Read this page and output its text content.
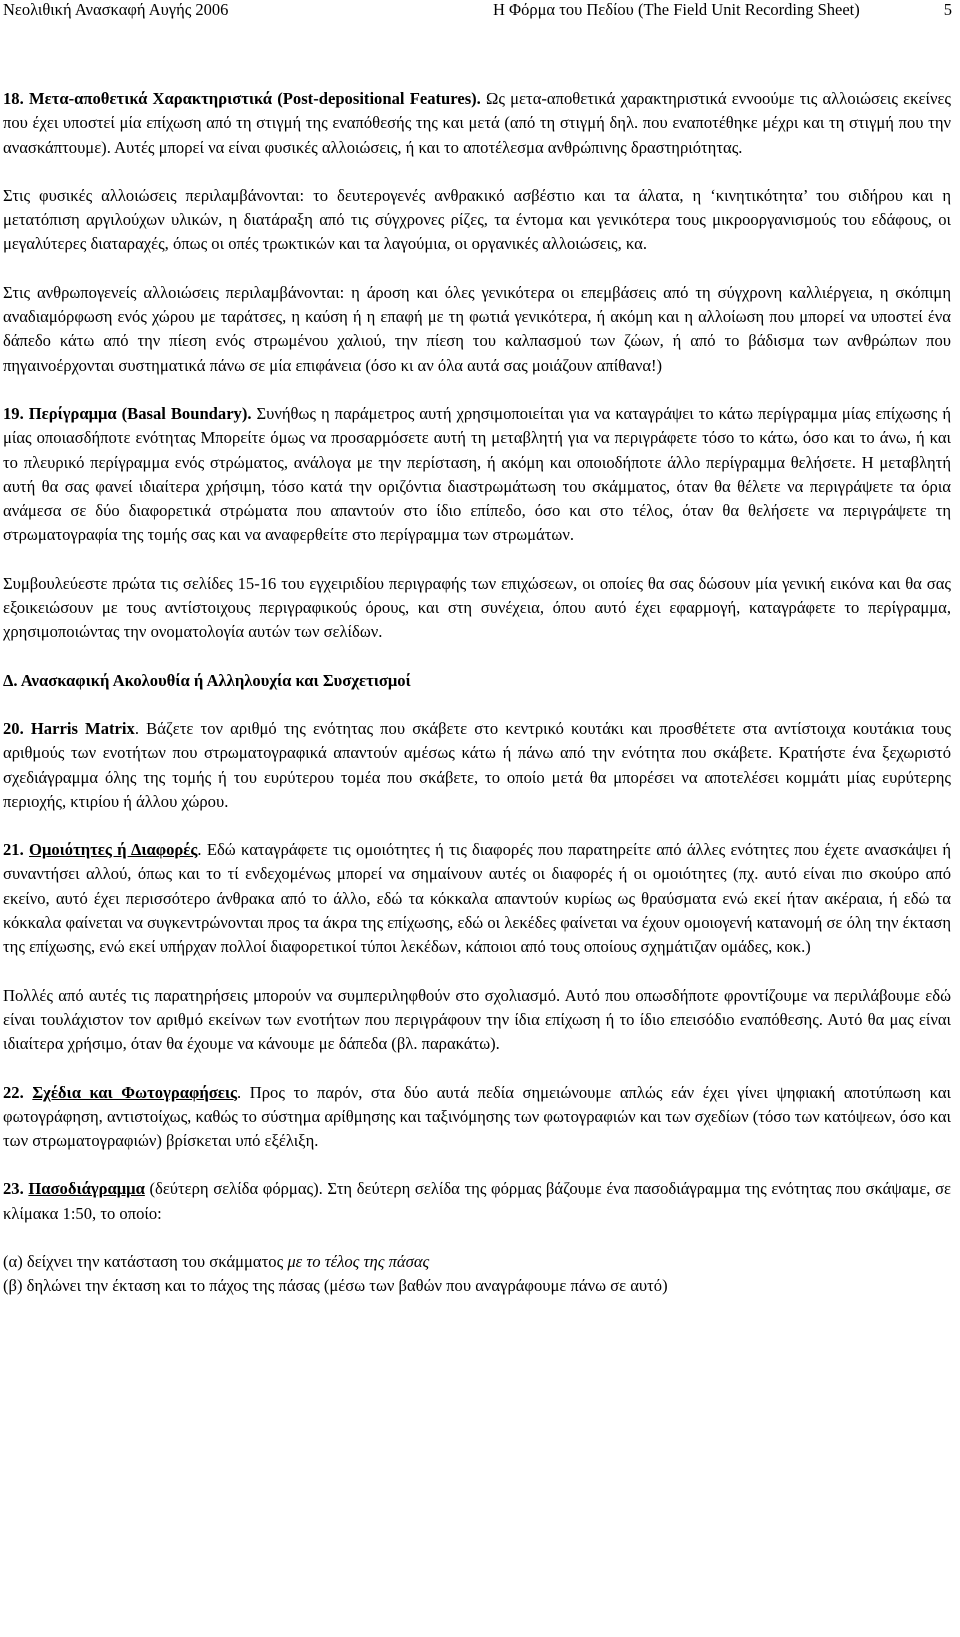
Νεολιθική Ανασκαφή Αυγής 2006	Η Φόρμα του Πεδίου (The Field Unit Recording Sheet)	5

18. Μετα-αποθετικά Χαρακτηριστικά (Post-depositional Features). Ως μετα-αποθετικά χαρακτηριστικά εννοούμε τις αλλοιώσεις εκείνες που έχει υποστεί μία επίχωση από τη στιγμή της εναπόθεσής της και μετά (από τη στιγμή δηλ. που εναποτέθηκε μέχρι και τη στιγμή που την ανασκάπτουμε). Αυτές μπορεί να είναι φυσικές αλλοιώσεις, ή και το αποτέλεσμα ανθρώπινης δραστηριότητας.

Στις φυσικές αλλοιώσεις περιλαμβάνονται: το δευτερογενές ανθρακικό ασβέστιο και τα άλατα, η ‘κινητικότητα’ του σιδήρου και η μετατόπιση αργιλούχων υλικών, η διατάραξη από τις σύγχρονες ρίζες, τα έντομα και γενικότερα τους μικροοργανισμούς του εδάφους, οι μεγαλύτερες διαταραχές, όπως οι οπές τρωκτικών και τα λαγούμια, οι οργανικές αλλοιώσεις, κα.

Στις ανθρωπογενείς αλλοιώσεις περιλαμβάνονται: η άροση και όλες γενικότερα οι επεμβάσεις από τη σύγχρονη καλλιέργεια, η σκόπιμη αναδιαμόρφωση ενός χώρου με ταράτσες, η καύση ή η επαφή με τη φωτιά γενικότερα, ή ακόμη και η αλλοίωση που μπορεί να υποστεί ένα δάπεδο κάτω από την πίεση ενός στρωμένου χαλιού, την πίεση του καλπασμού των ζώων, ή από το βάδισμα των ανθρώπων που πηγαινοέρχονται συστηματικά πάνω σε μία επιφάνεια (όσο κι αν όλα αυτά σας μοιάζουν απίθανα!)

19. Περίγραμμα (Basal Boundary). Συνήθως η παράμετρος αυτή χρησιμοποιείται για να καταγράψει το κάτω περίγραμμα μίας επίχωσης ή μίας οποιασδήποτε ενότητας Μπορείτε όμως να προσαρμόσετε αυτή τη μεταβλητή για να περιγράφετε τόσο το κάτω, όσο και το άνω, ή και το πλευρικό περίγραμμα ενός στρώματος, ανάλογα με την περίσταση, ή ακόμη και οποιοδήποτε άλλο περίγραμμα θελήσετε. Η μεταβλητή αυτή θα σας φανεί ιδιαίτερα χρήσιμη, τόσο κατά την οριζόντια διαστρωμάτωση του σκάμματος, όταν θα θέλετε να περιγράψετε τα όρια ανάμεσα σε δύο διαφορετικά στρώματα που απαντούν στο ίδιο επίπεδο, όσο και στο τέλος, όταν θα θελήσετε να περιγράψετε τη στρωματογραφία της τομής σας και να αναφερθείτε στο περίγραμμα των στρωμάτων.

Συμβουλεύεστε πρώτα τις σελίδες 15-16 του εγχειριδίου περιγραφής των επιχώσεων, οι οποίες θα σας δώσουν μία γενική εικόνα και θα σας εξοικειώσουν με τους αντίστοιχους περιγραφικούς όρους, και στη συνέχεια, όπου αυτό έχει εφαρμογή, καταγράφετε το περίγραμμα, χρησιμοποιώντας την ονοματολογία αυτών των σελίδων.

Δ. Ανασκαφική Ακολουθία ή Αλληλουχία και Συσχετισμοί

20. Harris Matrix. Βάζετε τον αριθμό της ενότητας που σκάβετε στο κεντρικό κουτάκι και προσθέτετε στα αντίστοιχα κουτάκια τους αριθμούς των ενοτήτων που στρωματογραφικά απαντούν αμέσως κάτω ή πάνω από την ενότητα που σκάβετε. Κρατήστε ένα ξεχωριστό σχεδιάγραμμα όλης της τομής ή του ευρύτερου τομέα που σκάβετε, το οποίο μετά θα μπορέσει να αποτελέσει κομμάτι μίας ευρύτερης περιοχής, κτιρίου ή άλλου χώρου.

21. Ομοιότητες ή Διαφορές. Εδώ καταγράφετε τις ομοιότητες ή τις διαφορές που παρατηρείτε από άλλες ενότητες που έχετε ανασκάψει ή συναντήσει αλλού, όπως και το τί ενδεχομένως μπορεί να σημαίνουν αυτές οι διαφορές ή οι ομοιότητες (πχ. αυτό είναι πιο σκούρο από εκείνο, αυτό έχει περισσότερο άνθρακα από το άλλο, εδώ τα κόκκαλα απαντούν κυρίως ως θραύσματα ενώ εκεί ήταν ακέραια, ή εδώ τα κόκκαλα φαίνεται να συγκεντρώνονται προς τα άκρα της επίχωσης, εδώ οι λεκέδες φαίνεται να έχουν ομοιογενή κατανομή σε όλη την έκταση της επίχωσης, ενώ εκεί υπήρχαν πολλοί διαφορετικοί τύποι λεκέδων, κάποιοι από τους οποίους σχημάτιζαν ομάδες, κοκ.)

Πολλές από αυτές τις παρατηρήσεις μπορούν να συμπεριληφθούν στο σχολιασμό. Αυτό που οπωσδήποτε φροντίζουμε να περιλάβουμε εδώ είναι τουλάχιστον τον αριθμό εκείνων των ενοτήτων που περιγράφουν την ίδια επίχωση ή το ίδιο επεισόδιο εναπόθεσης. Αυτό θα μας είναι ιδιαίτερα χρήσιμο, όταν θα έχουμε να κάνουμε με δάπεδα (βλ. παρακάτω).

22. Σχέδια και Φωτογραφήσεις. Προς το παρόν, στα δύο αυτά πεδία σημειώνουμε απλώς εάν έχει γίνει ψηφιακή αποτύπωση και φωτογράφηση, αντιστοίχως, καθώς το σύστημα αρίθμησης και ταξινόμησης των φωτογραφιών και των σχεδίων (τόσο των κατόψεων, όσο και των στρωματογραφιών) βρίσκεται υπό εξέλιξη.

23. Πασοδιάγραμμα (δεύτερη σελίδα φόρμας). Στη δεύτερη σελίδα της φόρμας βάζουμε ένα πασοδιάγραμμα της ενότητας που σκάψαμε, σε κλίμακα 1:50, το οποίο:

(α) δείχνει την κατάσταση του σκάμματος με το τέλος της πάσας

(β) δηλώνει την έκταση και το πάχος της πάσας (μέσω των βαθών που αναγράφουμε πάνω σε αυτό)
